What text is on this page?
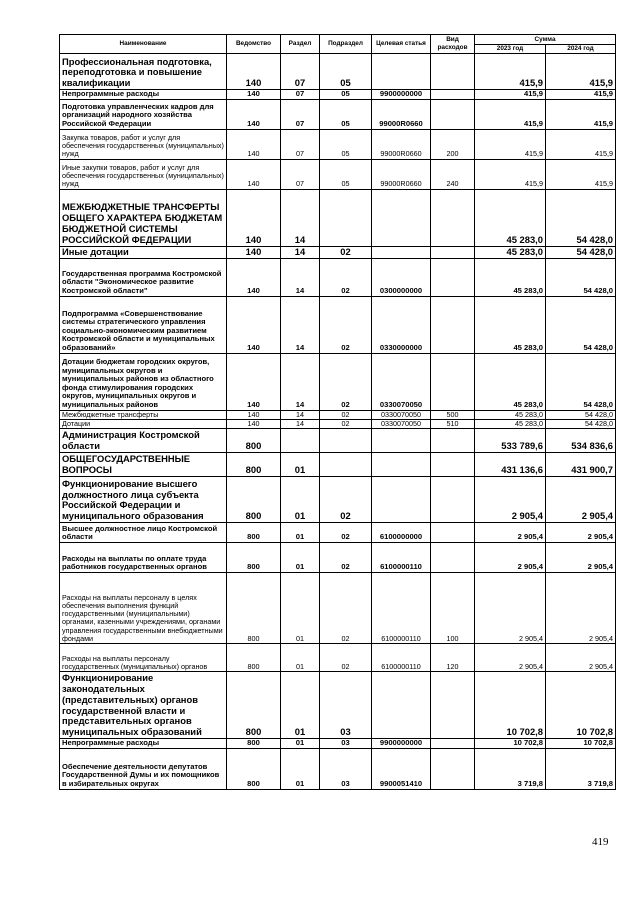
Наименование	Ведомство	Раздел	Подраздел	Целевая статья	Вид расходов	Сумма	
						2023 год	2024 год
Профессиональная подготовка, переподготовка и повышение квалификации	140	07	05			415,9	415,9
Непрограммные расходы	140	07	05	9900000000		415,9	415,9
Подготовка управленческих кадров для организаций народного хозяйства Российской Федерации	140	07	05	99000R0660		415,9	415,9
Закупка товаров, работ и услуг для обеспечения государственных (муниципальных) нужд	140	07	05	99000R0660	200	415,9	415,9
Иные закупки товаров, работ и услуг для обеспечения государственных (муниципальных) нужд	140	07	05	99000R0660	240	415,9	415,9
МЕЖБЮДЖЕТНЫЕ ТРАНСФЕРТЫ ОБЩЕГО ХАРАКТЕРА БЮДЖЕТАМ БЮДЖЕТНОЙ СИСТЕМЫ РОССИЙСКОЙ ФЕДЕРАЦИИ	140	14				45 283,0	54 428,0
Иные дотации	140	14	02			45 283,0	54 428,0
Государственная программа Костромской области "Экономическое развитие Костромской области"	140	14	02	0300000000		45 283,0	54 428,0
Подпрограмма «Совершенствование системы стратегического управления социально-экономическим развитием Костромской области и муниципальных образований»	140	14	02	0330000000		45 283,0	54 428,0
Дотации бюджетам городских округов, муниципальных округов и муниципальных районов из областного фонда стимулирования городских округов, муниципальных округов и муниципальных районов	140	14	02	0330070050		45 283,0	54 428,0
Межбюджетные трансферты	140	14	02	0330070050	500	45 283,0	54 428,0
Дотации	140	14	02	0330070050	510	45 283,0	54 428,0
Администрация Костромской области	800					533 789,6	534 836,6
ОБЩЕГОСУДАРСТВЕННЫЕ ВОПРОСЫ	800	01				431 136,6	431 900,7
Функционирование высшего должностного лица субъекта Российской Федерации и муниципального образования	800	01	02			2 905,4	2 905,4
Высшее должностное лицо Костромской области	800	01	02	6100000000		2 905,4	2 905,4
Расходы на выплаты по оплате труда работников государственных органов	800	01	02	6100000110		2 905,4	2 905,4
Расходы на выплаты персоналу в целях обеспечения выполнения функций государственными (муниципальными) органами, казенными учреждениями, органами управления государственными внебюджетными фондами	800	01	02	6100000110	100	2 905,4	2 905,4
Расходы на выплаты персоналу государственных (муниципальных) органов	800	01	02	6100000110	120	2 905,4	2 905,4
Функционирование законодательных (представительных) органов государственной власти и представительных органов муниципальных образований	800	01	03			10 702,8	10 702,8
Непрограммные расходы	800	01	03	9900000000		10 702,8	10 702,8
Обеспечение деятельности депутатов Государственной Думы и их помощников в избирательных округах	800	01	03	9900051410		3 719,8	3 719,8
419
